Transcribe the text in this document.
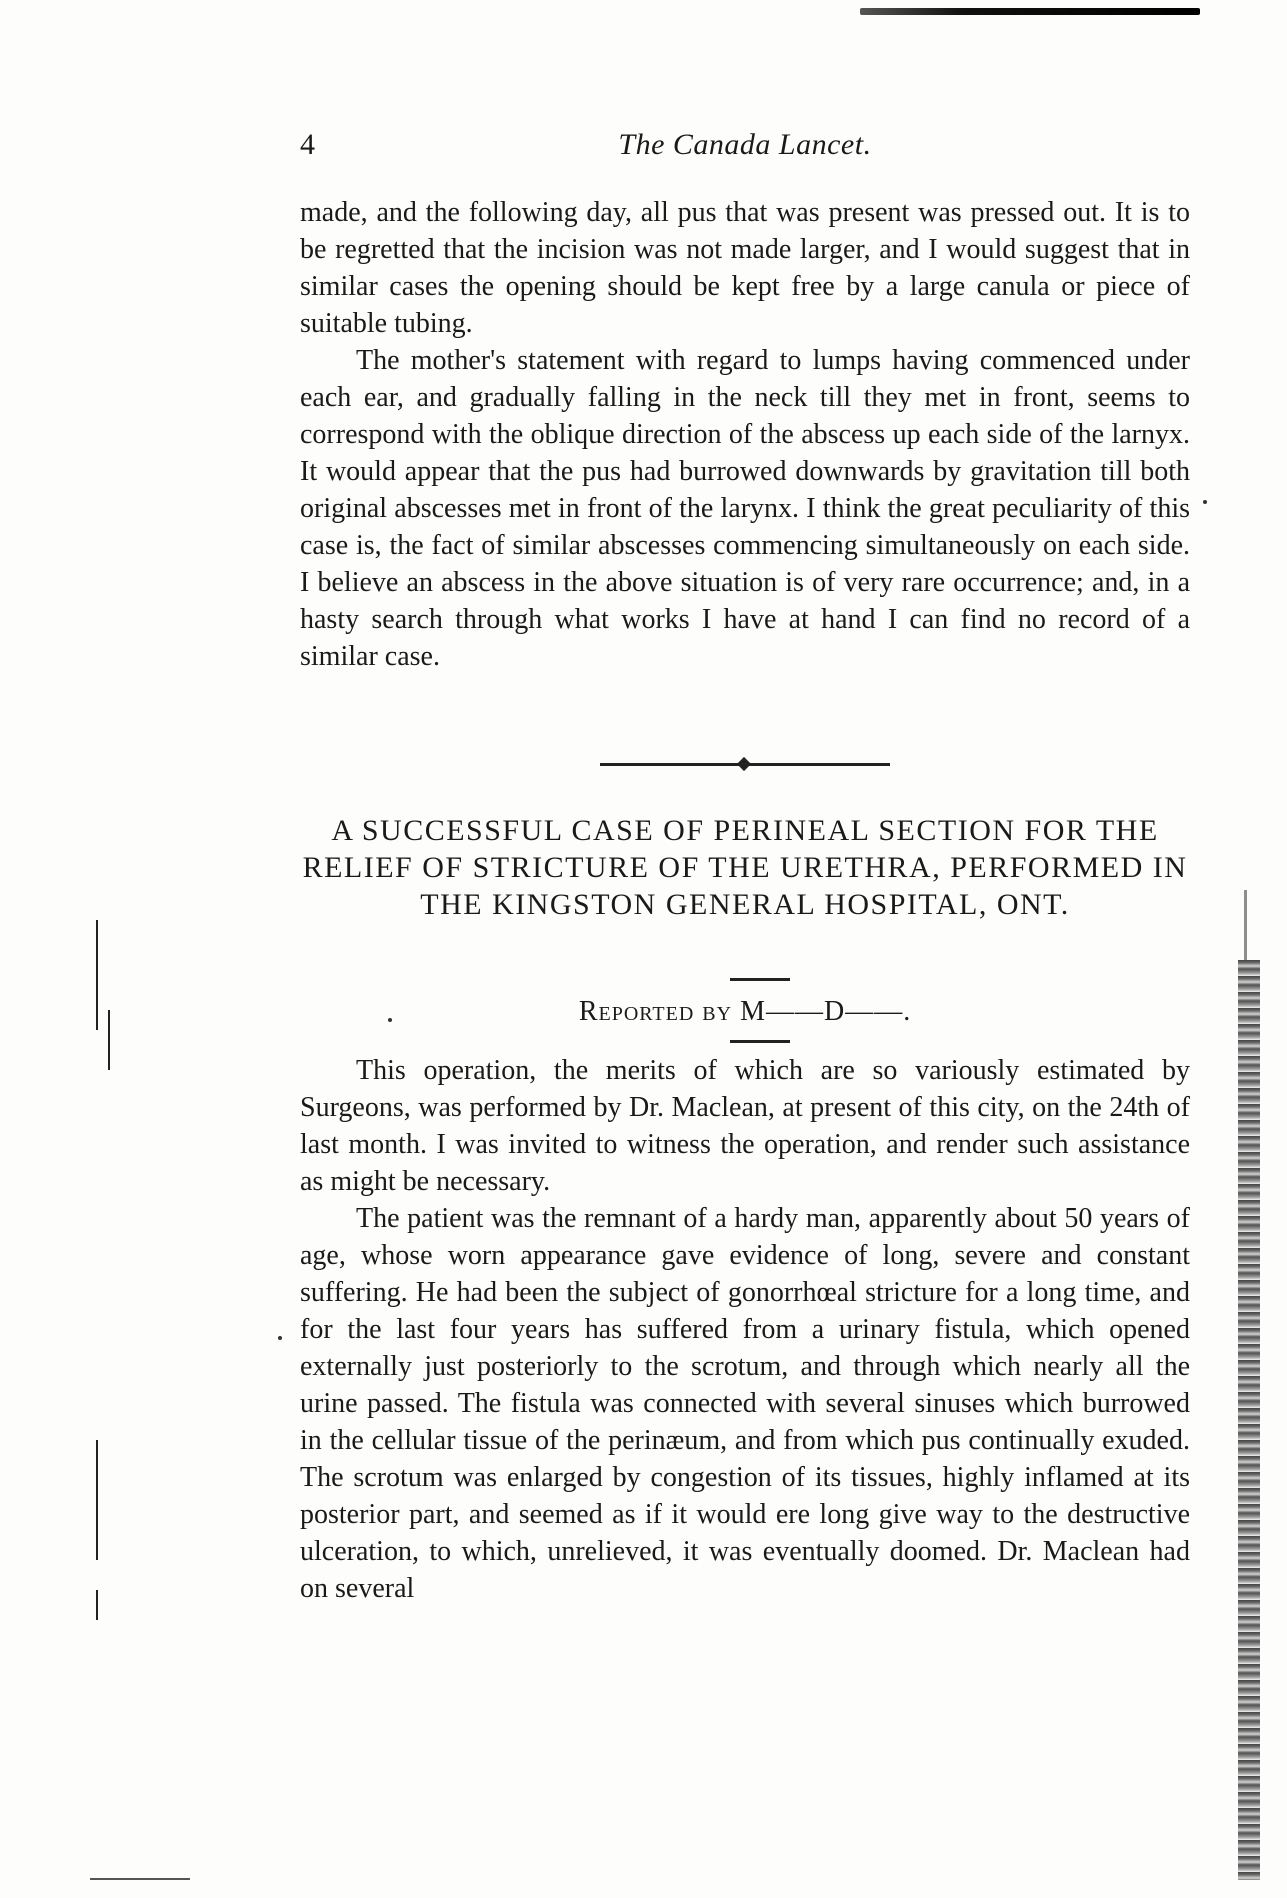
4	The Canada Lancet.

made, and the following day, all pus that was present was pressed out. It is to be regretted that the incision was not made larger, and I would suggest that in similar cases the opening should be kept free by a large canula or piece of suitable tubing.

The mother's statement with regard to lumps having commenced under each ear, and gradually falling in the neck till they met in front, seems to correspond with the oblique direction of the abscess up each side of the larnyx. It would appear that the pus had burrowed downwards by gravitation till both original abscesses met in front of the larynx. I think the great peculiarity of this case is, the fact of similar abscesses commencing simultaneously on each side. I believe an abscess in the above situation is of very rare occurrence; and, in a hasty search through what works I have at hand I can find no record of a similar case.

A SUCCESSFUL CASE OF PERINEAL SECTION FOR THE RELIEF OF STRICTURE OF THE URETHRA, PERFORMED IN THE KINGSTON GENERAL HOSPITAL, ONT.
Reported by M——D——.

This operation, the merits of which are so variously estimated by Surgeons, was performed by Dr. Maclean, at present of this city, on the 24th of last month. I was invited to witness the operation, and render such assistance as might be necessary.

The patient was the remnant of a hardy man, apparently about 50 years of age, whose worn appearance gave evidence of long, severe and constant suffering. He had been the subject of gonorrhœal stricture for a long time, and for the last four years has suffered from a urinary fistula, which opened externally just posteriorly to the scrotum, and through which nearly all the urine passed. The fistula was connected with several sinuses which burrowed in the cellular tissue of the perinæum, and from which pus continually exuded. The scrotum was enlarged by congestion of its tissues, highly inflamed at its posterior part, and seemed as if it would ere long give way to the destructive ulceration, to which, unrelieved, it was eventually doomed. Dr. Maclean had on several
